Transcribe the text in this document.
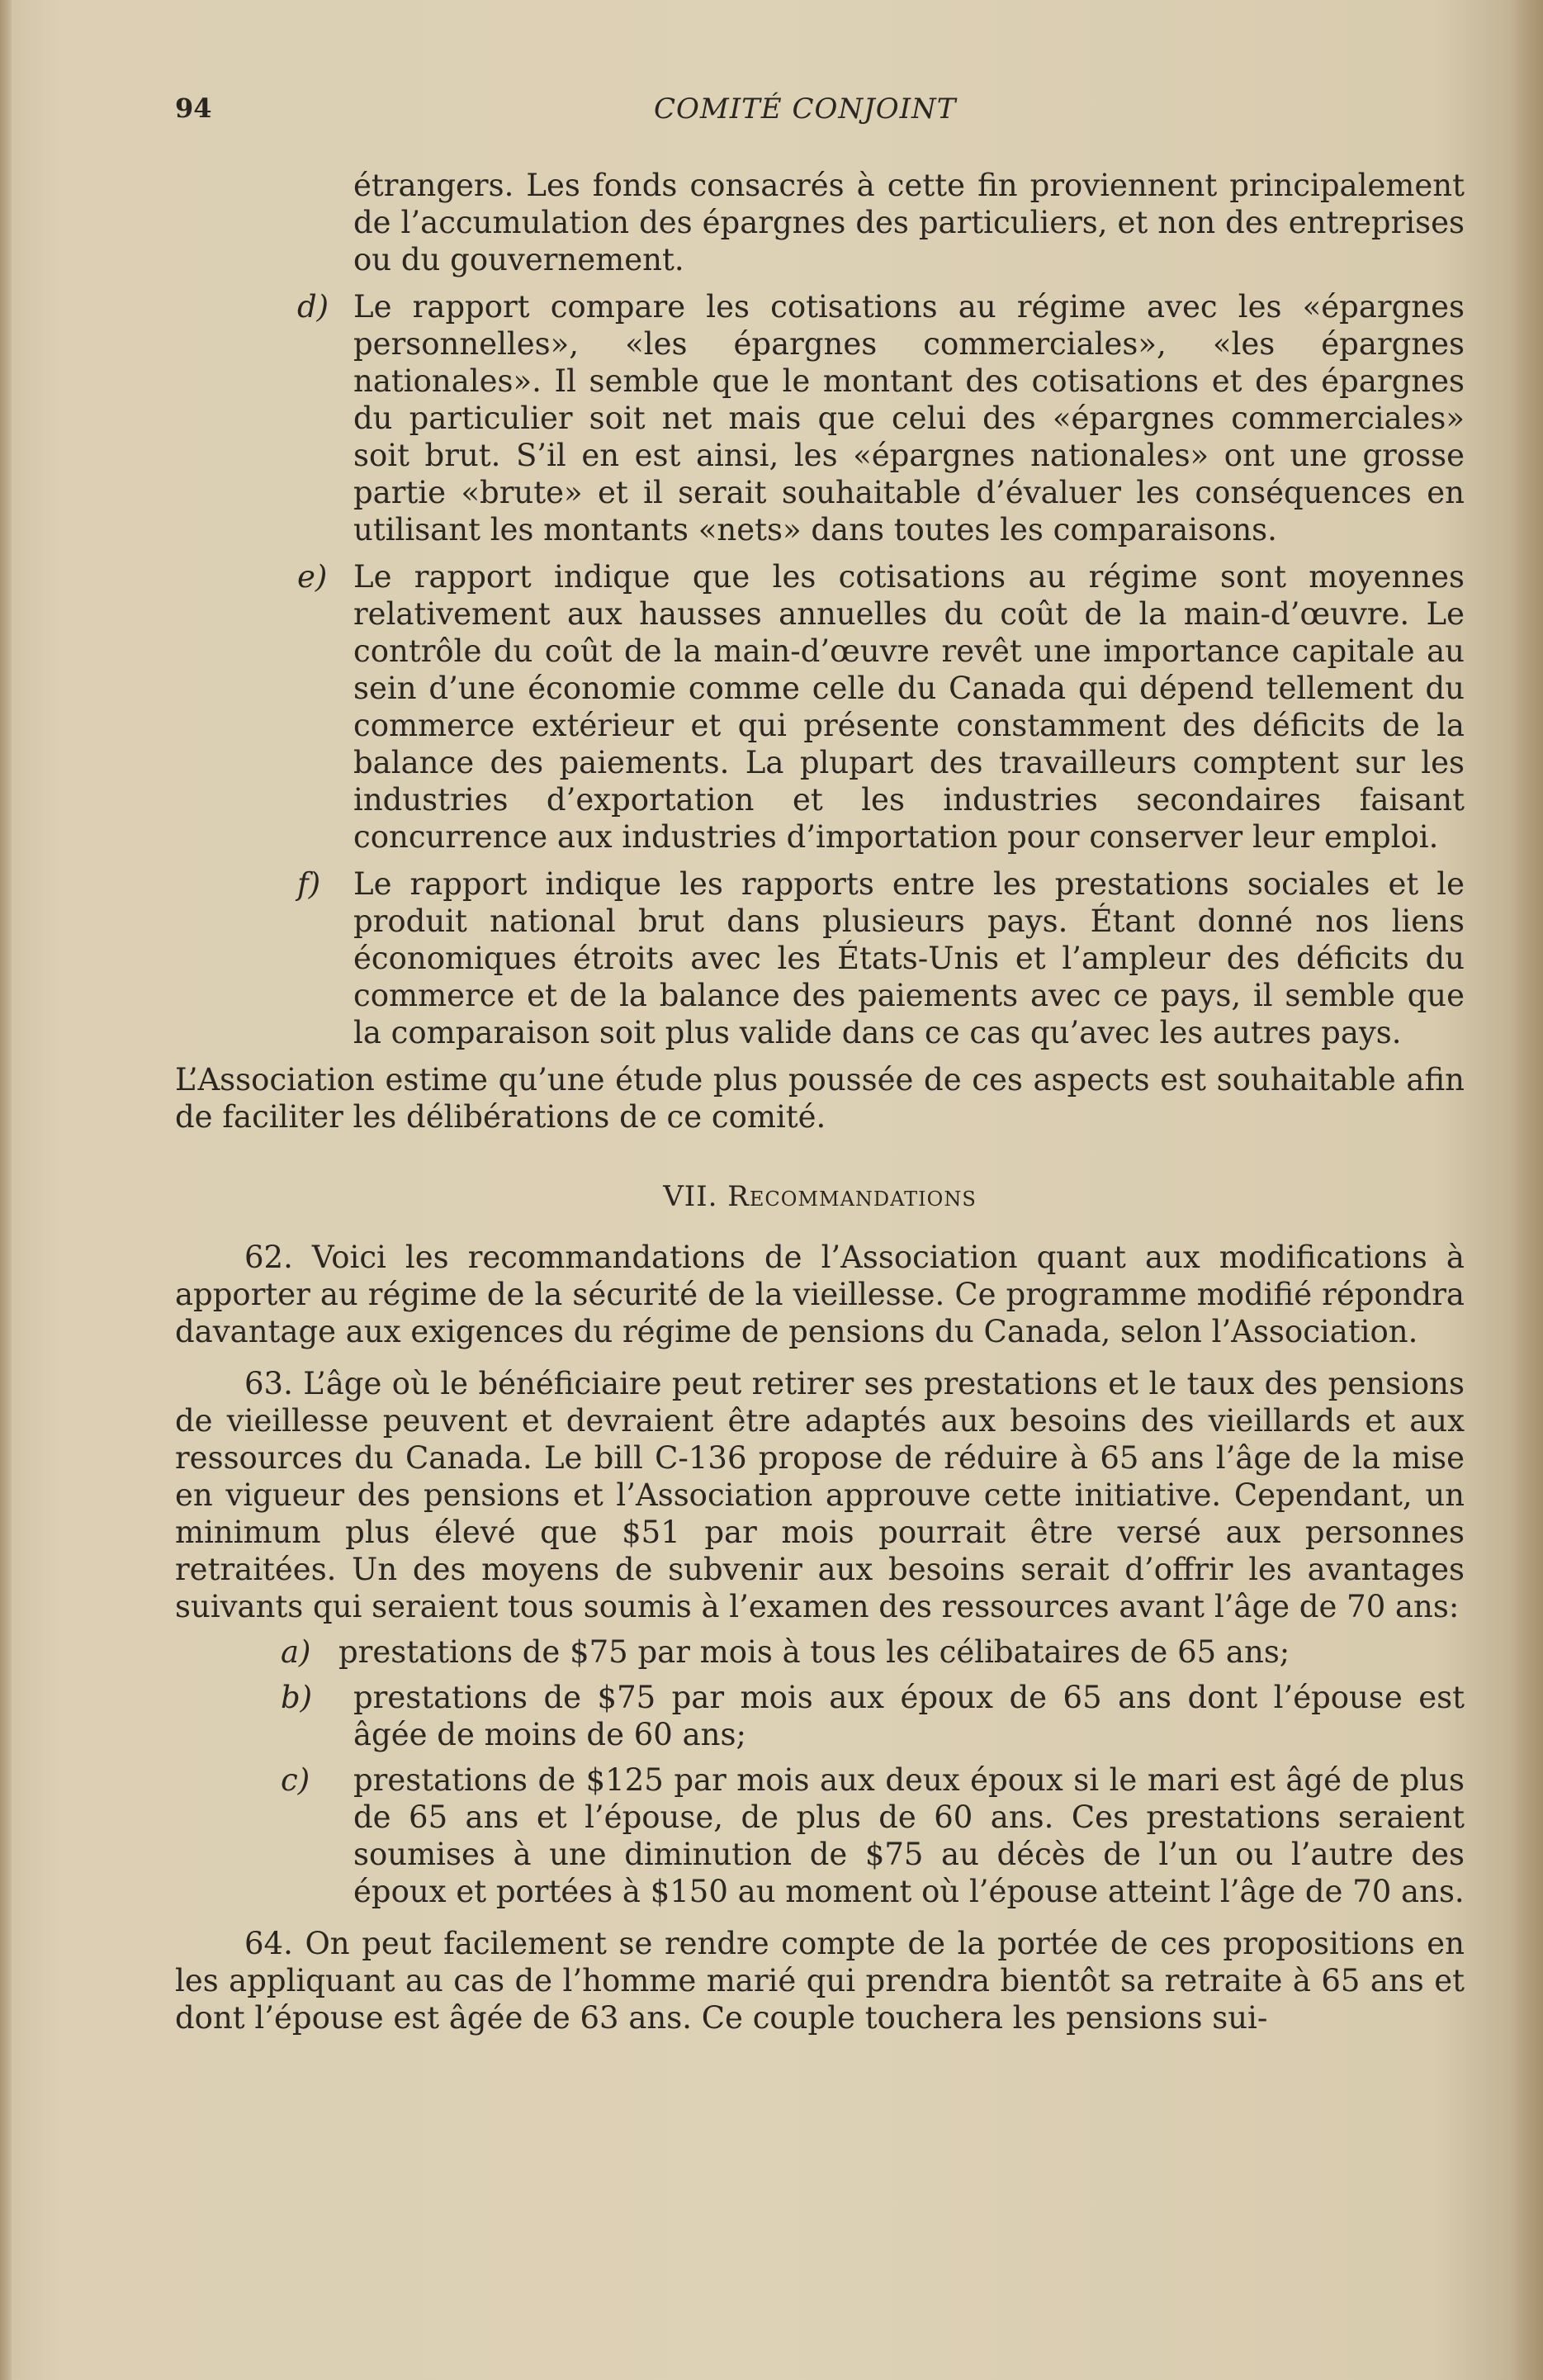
94	COMITÉ CONJOINT

étrangers. Les fonds consacrés à cette fin proviennent principalement de l’accumulation des épargnes des particuliers, et non des entreprises ou du gouvernement.

d) Le rapport compare les cotisations au régime avec les «épargnes personnelles», «les épargnes commerciales», «les épargnes nationales». Il semble que le montant des cotisations et des épargnes du particulier soit net mais que celui des «épargnes commerciales» soit brut. S’il en est ainsi, les «épargnes nationales» ont une grosse partie «brute» et il serait souhaitable d’évaluer les conséquences en utilisant les montants «nets» dans toutes les comparaisons.

e) Le rapport indique que les cotisations au régime sont moyennes relativement aux hausses annuelles du coût de la main-d’œuvre. Le contrôle du coût de la main-d’œuvre revêt une importance capitale au sein d’une économie comme celle du Canada qui dépend tellement du commerce extérieur et qui présente constamment des déficits de la balance des paiements. La plupart des travailleurs comptent sur les industries d’exportation et les industries secondaires faisant concurrence aux industries d’importation pour conserver leur emploi.

f) Le rapport indique les rapports entre les prestations sociales et le produit national brut dans plusieurs pays. Étant donné nos liens économiques étroits avec les États-Unis et l’ampleur des déficits du commerce et de la balance des paiements avec ce pays, il semble que la comparaison soit plus valide dans ce cas qu’avec les autres pays.

L’Association estime qu’une étude plus poussée de ces aspects est souhaitable afin de faciliter les délibérations de ce comité.

VII. Recommandations

62. Voici les recommandations de l’Association quant aux modifications à apporter au régime de la sécurité de la vieillesse. Ce programme modifié répondra davantage aux exigences du régime de pensions du Canada, selon l’Association.

63. L’âge où le bénéficiaire peut retirer ses prestations et le taux des pensions de vieillesse peuvent et devraient être adaptés aux besoins des vieillards et aux ressources du Canada. Le bill C-136 propose de réduire à 65 ans l’âge de la mise en vigueur des pensions et l’Association approuve cette initiative. Cependant, un minimum plus élevé que $51 par mois pourrait être versé aux personnes retraitées. Un des moyens de subvenir aux besoins serait d’offrir les avantages suivants qui seraient tous soumis à l’examen des ressources avant l’âge de 70 ans:

a) prestations de $75 par mois à tous les célibataires de 65 ans;

b) prestations de $75 par mois aux époux de 65 ans dont l’épouse est âgée de moins de 60 ans;

c) prestations de $125 par mois aux deux époux si le mari est âgé de plus de 65 ans et l’épouse, de plus de 60 ans. Ces prestations seraient soumises à une diminution de $75 au décès de l’un ou l’autre des époux et portées à $150 au moment où l’épouse atteint l’âge de 70 ans.

64. On peut facilement se rendre compte de la portée de ces propositions en les appliquant au cas de l’homme marié qui prendra bientôt sa retraite à 65 ans et dont l’épouse est âgée de 63 ans. Ce couple touchera les pensions sui-
